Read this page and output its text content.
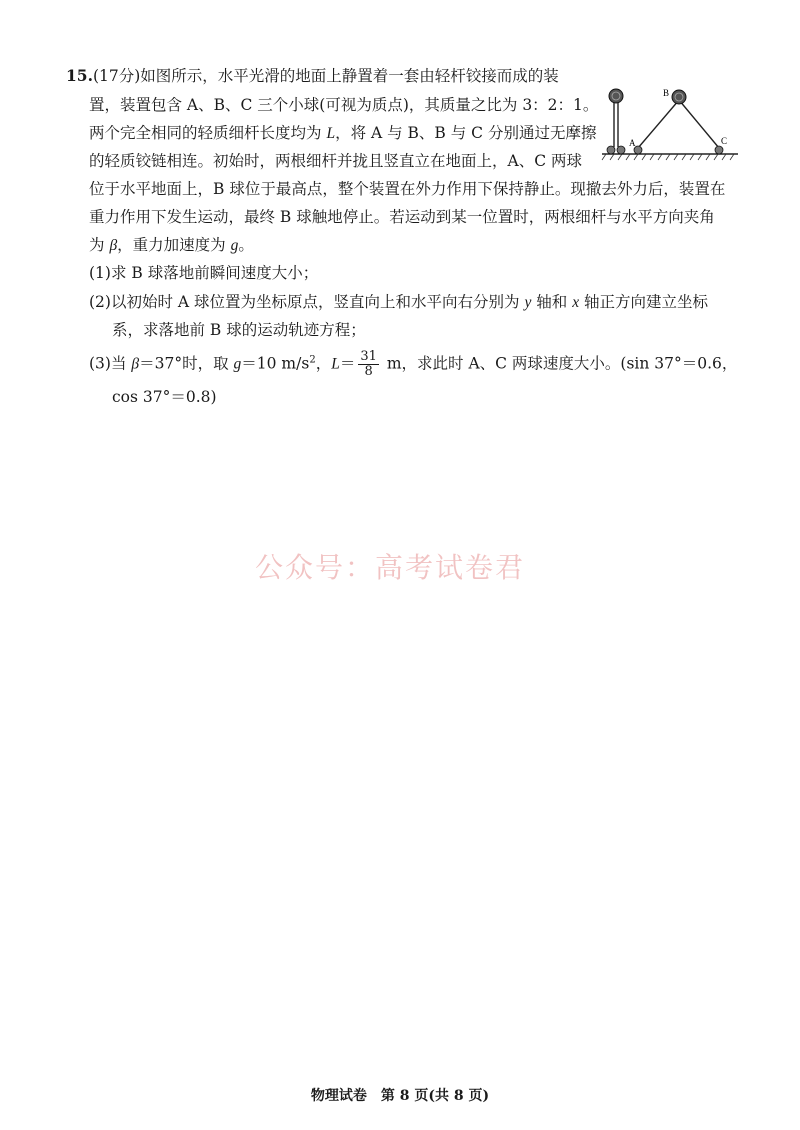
15.(17分)如图所示，水平光滑的地面上静置着一套由轻杆铰接而成的装
置，装置包含 A、B、C 三个小球(可视为质点)，其质量之比为 3：2：1。
两个完全相同的轻质细杆长度均为 L，将 A 与 B、B 与 C 分别通过无摩擦
的轻质铰链相连。初始时，两根细杆并拢且竖直立在地面上，A、C 两球
位于水平地面上，B 球位于最高点，整个装置在外力作用下保持静止。现撤去外力后，装置在
重力作用下发生运动，最终 B 球触地停止。若运动到某一位置时，两根细杆与水平方向夹角
为 β，重力加速度为 g。
(1)求 B 球落地前瞬间速度大小；
(2)以初始时 A 球位置为坐标原点，竖直向上和水平向右分别为 y 轴和 x 轴正方向建立坐标
系，求落地前 B 球的运动轨迹方程；
(3)当 β＝37°时，取 g＝10 $m/s^2$，$L= \frac{31}{8}$ m，求此时 A、C 两球速度大小。(sin 37°＝0.6，
cos 37°＝0.8)
A
B
C
公众号：高考试卷君
物理试卷　第 8 页(共 8 页)
